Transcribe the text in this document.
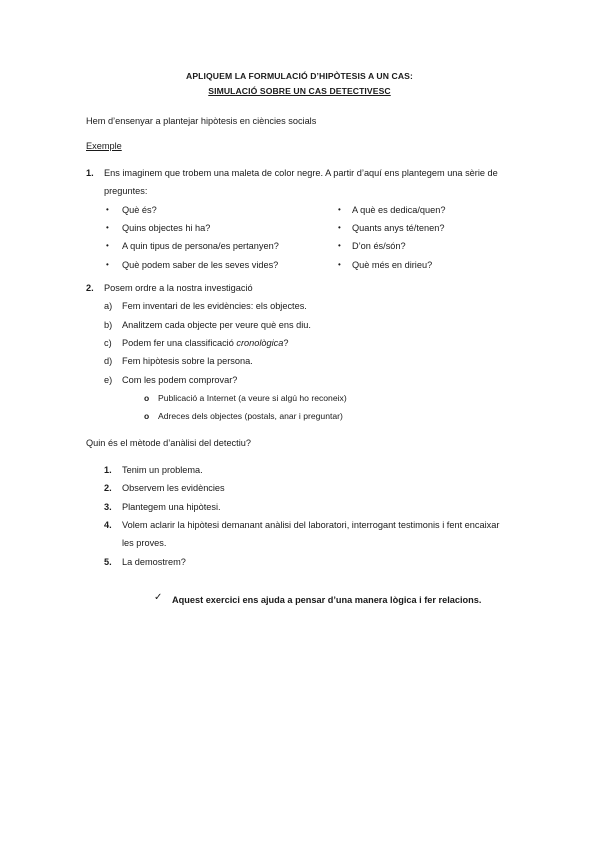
APLIQUEM LA FORMULACIÓ D’HIPÒTESIS A UN CAS:
SIMULACIÓ SOBRE UN CAS DETECTIVESC
Hem d’ensenyar a plantejar hipòtesis en ciències socials
Exemple
1. Ens imaginem que trobem una maleta de color negre. A partir d’aquí ens plantegem una sèrie de
preguntes:
• Què és?
• Quins objectes hi ha?
• A quin tipus de persona/es pertanyen?
• Què podem saber de les seves vides?
• A què es dedica/quen?
• Quants anys té/tenen?
• D’on és/són?
• Què més en dirieu?
2. Posem ordre a la nostra investigació
a) Fem inventari de les evidències: els objectes.
b) Analitzem cada objecte per veure què ens diu.
c) Podem fer una classificació cronològica?
d) Fem hipòtesis sobre la persona.
e) Com les podem comprovar?
o Publicació a Internet (a veure si algú ho reconeix)
o Adreces dels objectes (postals, anar i preguntar)
Quin és el mètode d’anàlisi del detectiu?
1. Tenim un problema.
2. Observem les evidències
3. Plantegem una hipòtesi.
4. Volem aclarir la hipòtesi demanant anàlisi del laboratori, interrogant testimonis i fent encaixar
les proves.
5. La demostrem?
✓ Aquest exercici ens ajuda a pensar d’una manera lògica i fer relacions.
